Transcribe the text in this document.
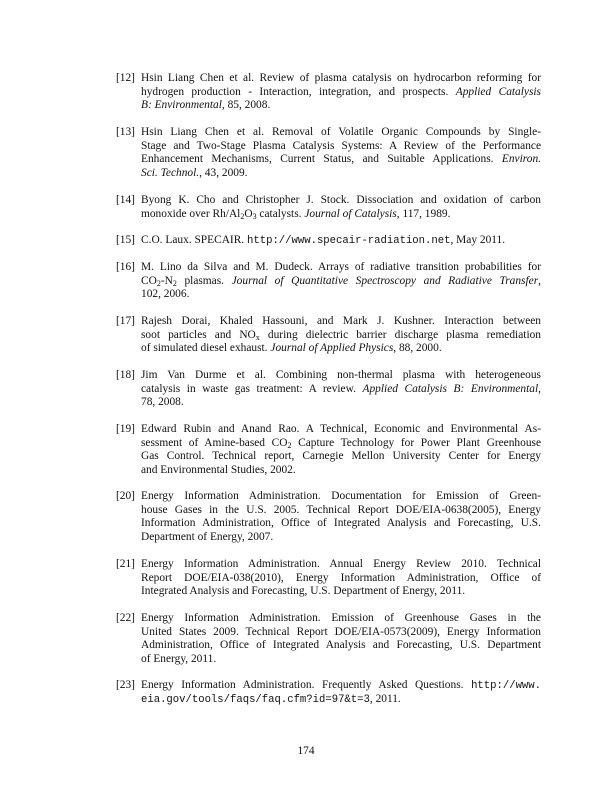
[12] Hsin Liang Chen et al. Review of plasma catalysis on hydrocarbon reforming for
hydrogen production - Interaction, integration, and prospects. Applied Catalysis
B: Environmental, 85, 2008.
[13] Hsin Liang Chen et al. Removal of Volatile Organic Compounds by Single-
Stage and Two-Stage Plasma Catalysis Systems: A Review of the Performance
Enhancement Mechanisms, Current Status, and Suitable Applications. Environ.
Sci. Technol., 43, 2009.
[14] Byong K. Cho and Christopher J. Stock. Dissociation and oxidation of carbon
monoxide over Rh/Al2O3 catalysts. Journal of Catalysis, 117, 1989.
[15] C.O. Laux. SPECAIR. http://www.specair-radiation.net, May 2011.
[16] M. Lino da Silva and M. Dudeck. Arrays of radiative transition probabilities for
CO2-N2 plasmas. Journal of Quantitative Spectroscopy and Radiative Transfer,
102, 2006.
[17] Rajesh Dorai, Khaled Hassouni, and Mark J. Kushner. Interaction between
soot particles and NOx during dielectric barrier discharge plasma remediation
of simulated diesel exhaust. Journal of Applied Physics, 88, 2000.
[18] Jim Van Durme et al. Combining non-thermal plasma with heterogeneous
catalysis in waste gas treatment: A review. Applied Catalysis B: Environmental,
78, 2008.
[19] Edward Rubin and Anand Rao. A Technical, Economic and Environmental As-
sessment of Amine-based CO2 Capture Technology for Power Plant Greenhouse
Gas Control. Technical report, Carnegie Mellon University Center for Energy
and Environmental Studies, 2002.
[20] Energy Information Administration. Documentation for Emission of Green-
house Gases in the U.S. 2005. Technical Report DOE/EIA-0638(2005), Energy
Information Administration, Office of Integrated Analysis and Forecasting, U.S.
Department of Energy, 2007.
[21] Energy Information Administration. Annual Energy Review 2010. Technical
Report DOE/EIA-038(2010), Energy Information Administration, Office of
Integrated Analysis and Forecasting, U.S. Department of Energy, 2011.
[22] Energy Information Administration. Emission of Greenhouse Gases in the
United States 2009. Technical Report DOE/EIA-0573(2009), Energy Information
Administration, Office of Integrated Analysis and Forecasting, U.S. Department
of Energy, 2011.
[23] Energy Information Administration. Frequently Asked Questions. http://www.
eia.gov/tools/faqs/faq.cfm?id=97&t=3, 2011.
174
